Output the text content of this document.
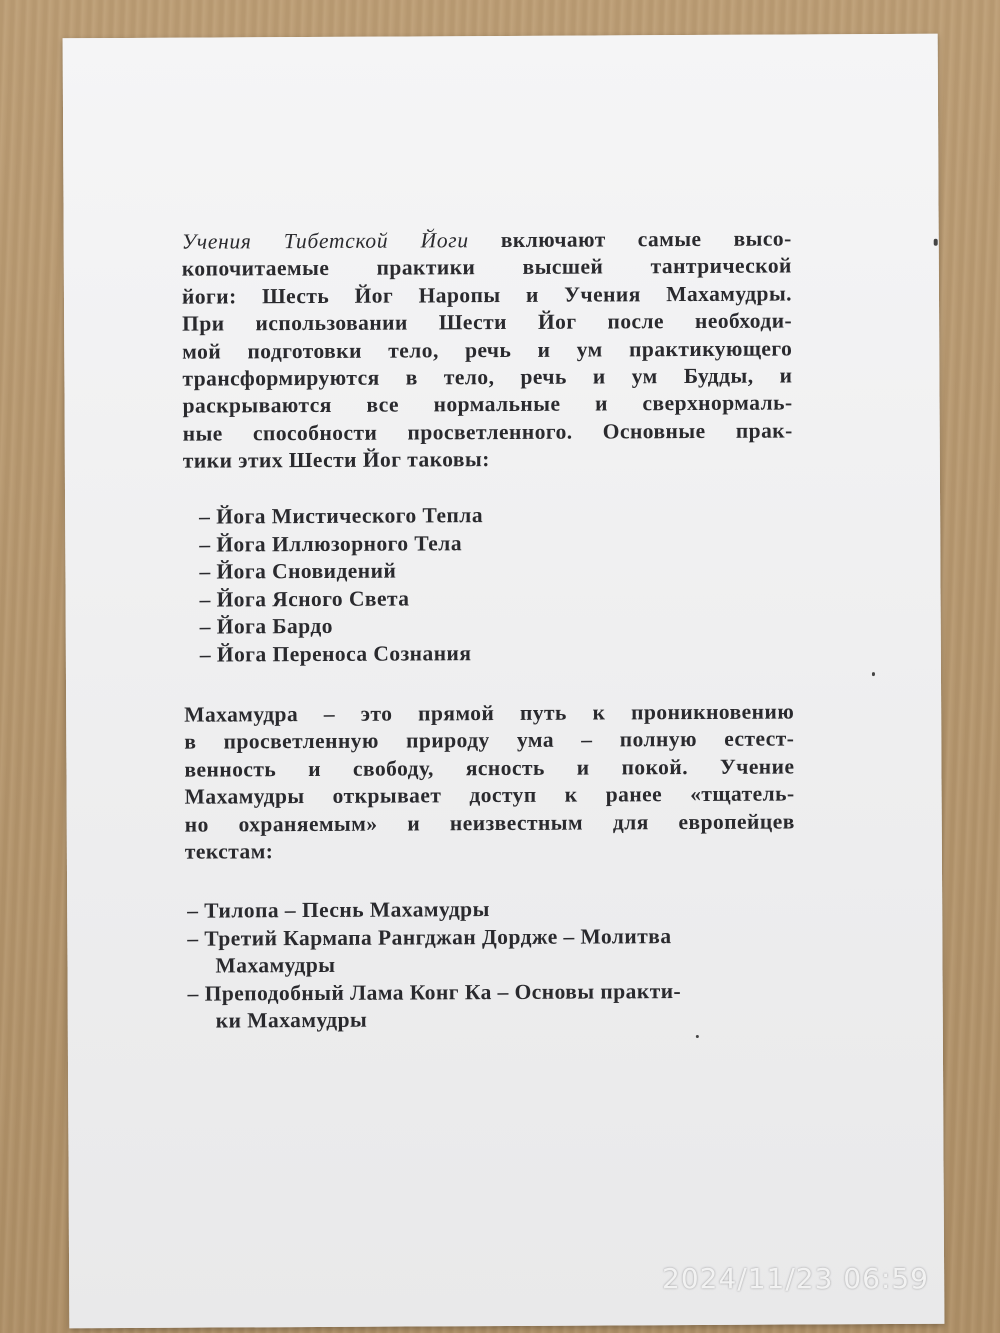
Учения Тибетской Йоги включают самые высо-
копочитаемые практики высшей тантрической
йоги: Шесть Йог Наропы и Учения Махамудры.
При использовании Шести Йог после необходи-
мой подготовки тело, речь и ум практикующего
трансформируются в тело, речь и ум Будды, и
раскрываются все нормальные и сверхнормаль-
ные способности просветленного. Основные прак-
тики этих Шести Йог таковы:
– Йога Мистического Тепла
– Йога Иллюзорного Тела
– Йога Сновидений
– Йога Ясного Света
– Йога Бардо
– Йога Переноса Сознания
Махамудра – это прямой путь к проникновению
в просветленную природу ума – полную естест-
венность и свободу, ясность и покой. Учение
Махамудры открывает доступ к ранее «тщатель-
но охраняемым» и неизвестным для европейцев
текстам:
– Тилопа – Песнь Махамудры
– Третий Кармапа Рангджан Дордже – Молитва
Махамудры
– Преподобный Лама Конг Ка – Основы практи-
ки Махамудры
2024/11/23 06:59
